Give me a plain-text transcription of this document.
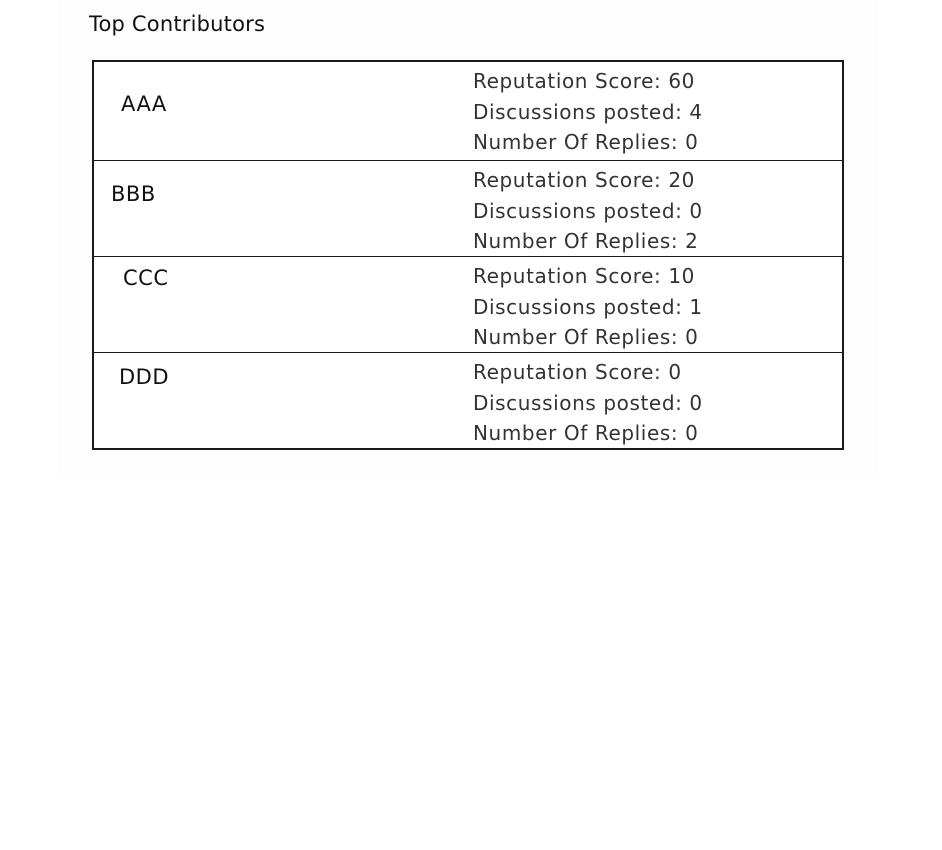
Top Contributors
AAA
Reputation Score: 60
Discussions posted: 4
Number Of Replies: 0
BBB
Reputation Score: 20
Discussions posted: 0
Number Of Replies: 2
CCC	Reputation Score: 10
Discussions posted: 1
Number Of Replies: 0
DDD	Reputation Score: 0
Discussions posted: 0
Number Of Replies: 0
